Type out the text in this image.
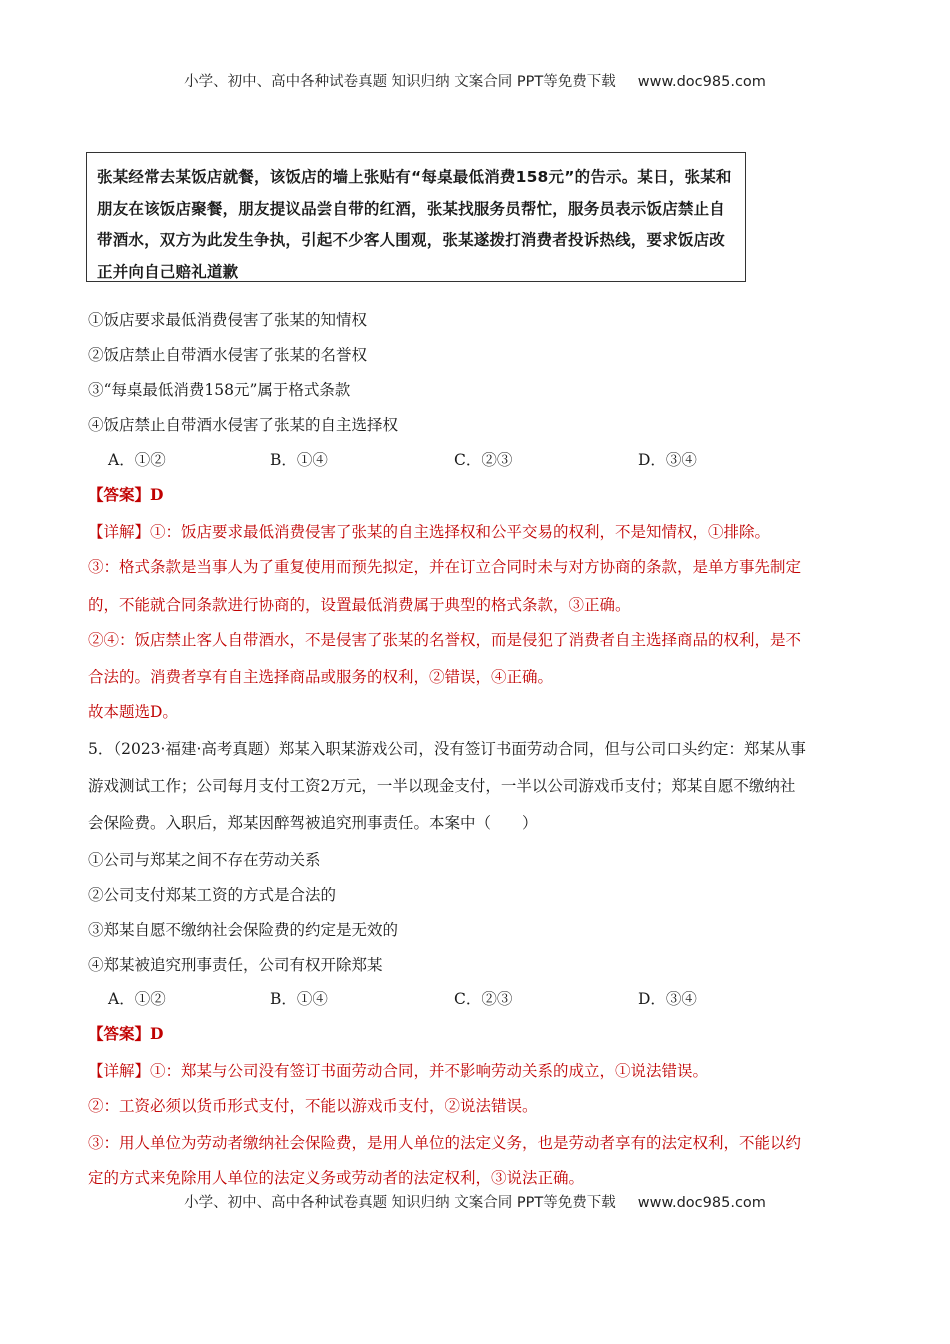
小学、初中、高中各种试卷真题 知识归纳 文案合同 PPT等免费下载 www.doc985.com

张某经常去某饭店就餐，该饭店的墙上张贴有“每桌最低消费158元”的告示。某日，张某和朋友在该饭店聚餐，朋友提议品尝自带的红酒，张某找服务员帮忙，服务员表示饭店禁止自带酒水，双方为此发生争执，引起不少客人围观，张某遂拨打消费者投诉热线，要求饭店改正并向自己赔礼道歉

①饭店要求最低消费侵害了张某的知情权

②饭店禁止自带酒水侵害了张某的名誉权

③“每桌最低消费158元”属于格式条款

④饭店禁止自带酒水侵害了张某的自主选择权

A．①②	B．①④	C．②③	D．③④

【答案】D

【详解】①：饭店要求最低消费侵害了张某的自主选择权和公平交易的权利，不是知情权，①排除。

③：格式条款是当事人为了重复使用而预先拟定，并在订立合同时未与对方协商的条款，是单方事先制定

的，不能就合同条款进行协商的，设置最低消费属于典型的格式条款，③正确。

②④：饭店禁止客人自带酒水，不是侵害了张某的名誉权，而是侵犯了消费者自主选择商品的权利，是不

合法的。消费者享有自主选择商品或服务的权利，②错误，④正确。

故本题选D。

5．（2023·福建·高考真题）郑某入职某游戏公司，没有签订书面劳动合同，但与公司口头约定：郑某从事

游戏测试工作；公司每月支付工资2万元，一半以现金支付，一半以公司游戏币支付；郑某自愿不缴纳社

会保险费。入职后，郑某因醉驾被追究刑事责任。本案中（　　）

①公司与郑某之间不存在劳动关系

②公司支付郑某工资的方式是合法的

③郑某自愿不缴纳社会保险费的约定是无效的

④郑某被追究刑事责任，公司有权开除郑某

A．①②	B．①④	C．②③	D．③④

【答案】D

【详解】①：郑某与公司没有签订书面劳动合同，并不影响劳动关系的成立，①说法错误。

②：工资必须以货币形式支付，不能以游戏币支付，②说法错误。

③：用人单位为劳动者缴纳社会保险费，是用人单位的法定义务，也是劳动者享有的法定权利，不能以约

定的方式来免除用人单位的法定义务或劳动者的法定权利，③说法正确。

小学、初中、高中各种试卷真题 知识归纳 文案合同 PPT等免费下载 www.doc985.com
